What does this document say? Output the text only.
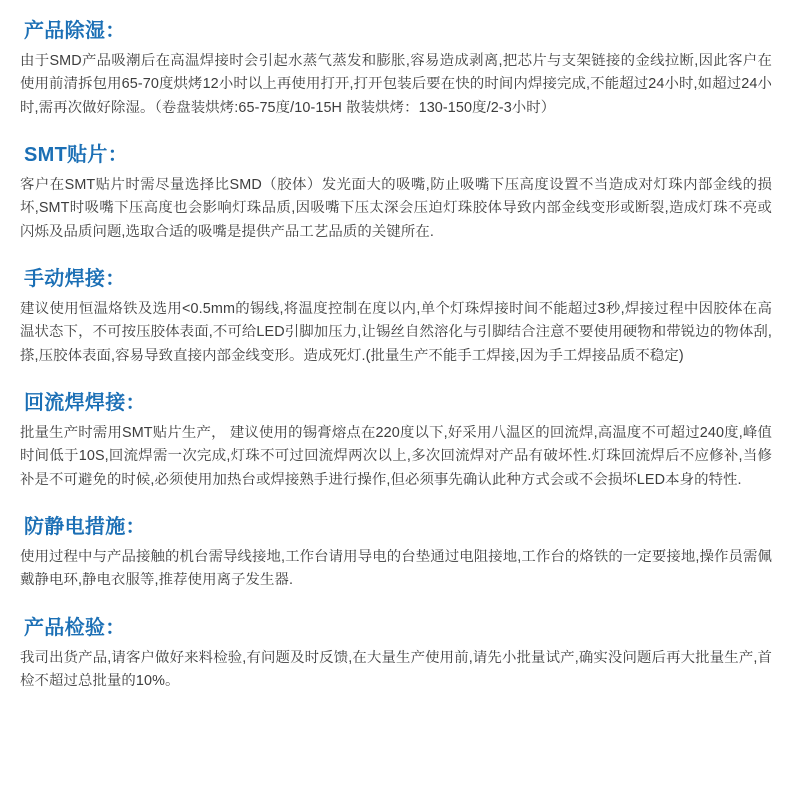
产品除湿：

由于SMD产品吸潮后在高温焊接时会引起水蒸气蒸发和膨胀,容易造成剥离,把芯片与支架链接的金线拉断,因此客户在使用前清拆包用65-70度烘烤12小时以上再使用打开,打开包装后要在快的时间内焊接完成,不能超过24小时,如超过24小时,需再次做好除湿。（卷盘装烘烤:65-75度/10-15H 散装烘烤：130-150度/2-3小时）

SMT贴片：

客户在SMT贴片时需尽量选择比SMD（胶体）发光面大的吸嘴,防止吸嘴下压高度设置不当造成对灯珠内部金线的损坏,SMT时吸嘴下压高度也会影响灯珠品质,因吸嘴下压太深会压迫灯珠胶体导致内部金线变形或断裂,造成灯珠不亮或闪烁及品质问题,选取合适的吸嘴是提供产品工艺品质的关键所在.

手动焊接：

建议使用恒温烙铁及选用<0.5mm的锡线,将温度控制在度以内,单个灯珠焊接时间不能超过3秒,焊接过程中因胶体在高温状态下，不可按压胶体表面,不可给LED引脚加压力,让锡丝自然溶化与引脚结合注意不要使用硬物和带锐边的物体刮,搽,压胶体表面,容易导致直接内部金线变形。造成死灯.(批量生产不能手工焊接,因为手工焊接品质不稳定)

回流焊焊接：

批量生产时需用SMT贴片生产， 建议使用的锡膏熔点在220度以下,好采用八温区的回流焊,高温度不可超过240度,峰值时间低于10S,回流焊需一次完成,灯珠不可过回流焊两次以上,多次回流焊对产品有破坏性.灯珠回流焊后不应修补,当修补是不可避免的时候,必须使用加热台或焊接熟手进行操作,但必须事先确认此种方式会或不会损坏LED本身的特性.

防静电措施：

使用过程中与产品接触的机台需导线接地,工作台请用导电的台垫通过电阻接地,工作台的烙铁的一定要接地,操作员需佩戴静电环,静电衣服等,推荐使用离子发生器.

产品检验：

我司出货产品,请客户做好来料检验,有问题及时反馈,在大量生产使用前,请先小批量试产,确实没问题后再大批量生产,首检不超过总批量的10%。
